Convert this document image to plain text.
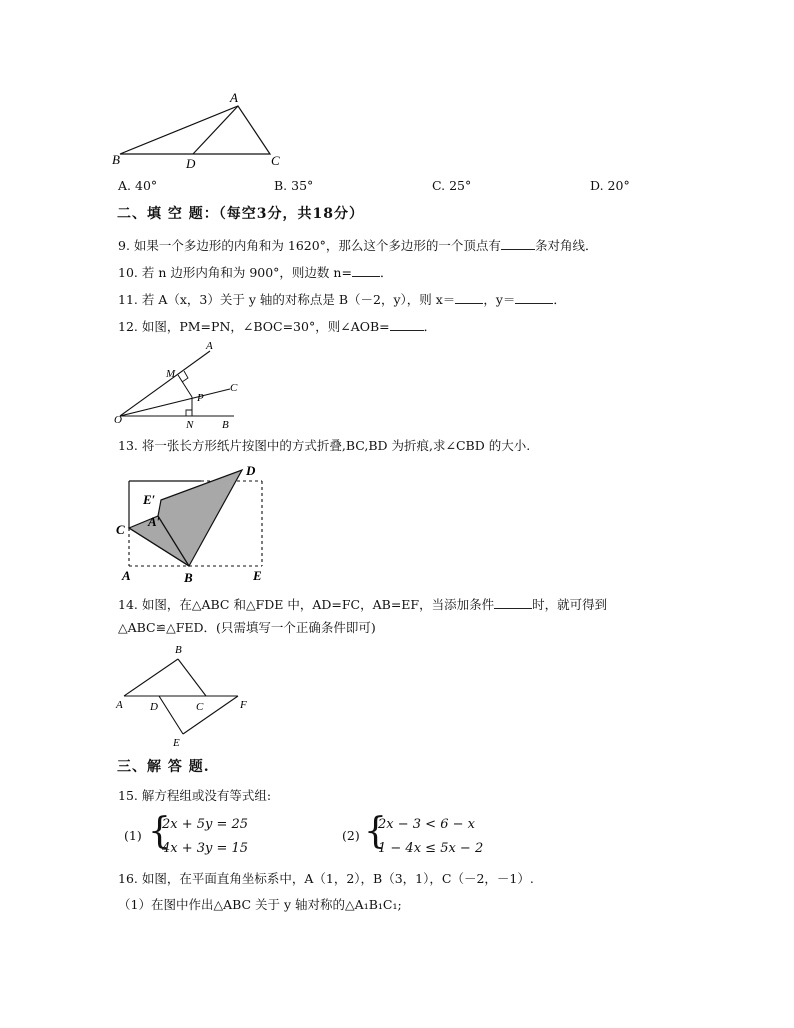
A
B	D	C
A. 40°	B. 35°	C. 25°	D. 20°
二、填 空 题：（每空3分，共18分）
9. 如果一个多边形的内角和为 1620°，那么这个多边形的一个顶点有	条对角线．
10. 若 n 边形内角和为 900°，则边数 n= ．
11. 若 A（x，3）关于 y 轴的对称点是 B（－2，y），则 x＝ ，y＝	．
12. 如图，PM=PN，∠BOC=30°，则∠AOB=	．
A
M
C
P
O	N	B
13. 将一张长方形纸片按图中的方式折叠,BC,BD 为折痕,求∠CBD 的大小.
D
E′
A′
C
A	B	E
14. 如图，在△ABC 和△FDE 中，AD=FC，AB=EF，当添加条件	时，就可得到
△ABC≌△FED．(只需填写一个正确条件即可)
B
A D	C	F
E
三、解 答 题.
15. 解方程组或没有等式组:
(1) {
2x + 5y = 25
4x + 3y = 15
(2) {
2x − 3 < 6 − x
1 − 4x ≤ 5x − 2
16. 如图，在平面直角坐标系中，A（1，2），B（3，1），C（－2，－1）.
（1）在图中作出△ABC 关于 y 轴对称的△A₁B₁C₁;
